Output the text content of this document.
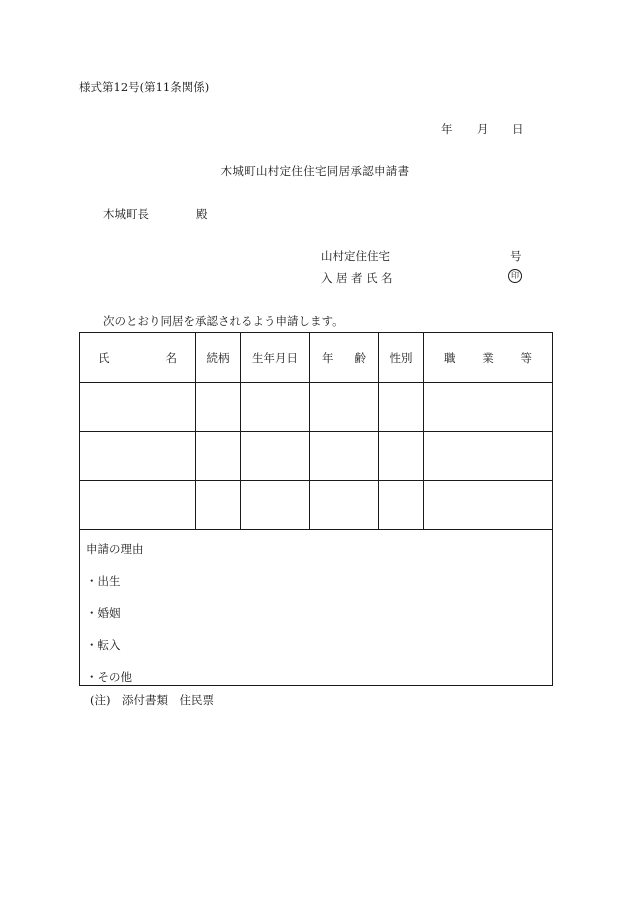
様式第12号(第11条関係)
年 月 日
木城町山村定住住宅同居承認申請書
木城町長	殿
山村定住住宅	号
入居者氏名	印
次のとおり同居を承認されるよう申請します。
氏 名	続柄	生年月日	年 齢	性別	職 業 等

申請の理由
・出生
・婚姻
・転入
・その他					
(注)　添付書類　住民票
